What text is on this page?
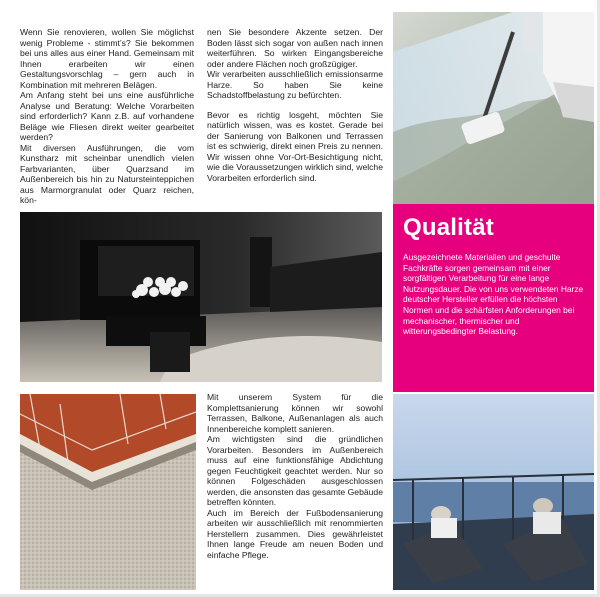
Wenn Sie renovieren, wollen Sie möglichst wenig Probleme - stimmt’s? Sie bekommen bei uns alles aus einer Hand. Gemeinsam mit Ihnen erarbeiten wir einen Gestaltungsvorschlag – gern auch in Kombination mit mehreren Belägen.

Am Anfang steht bei uns eine ausführliche Analyse und Beratung: Welche Vorarbeiten sind erforderlich? Kann z.B. auf vorhandene Beläge wie Fliesen direkt weiter gearbeitet werden?

Mit diversen Ausführungen, die vom Kunstharz mit scheinbar unendlich vielen Farbvarianten, über Quarzsand im Außenbereich bis hin zu Natursteinteppichen aus Marmorgranulat oder Quarz reichen, kön-

nen Sie besondere Akzente setzen. Der Boden lässt sich sogar von außen nach innen weiterführen. So wirken Eingangsbereiche oder andere Flächen noch großzügiger.

Wir verarbeiten ausschließlich emissionsarme Harze. So haben Sie keine Schadstoffbelastung zu befürchten.

Bevor es richtig losgeht, möchten Sie natürlich wissen, was es kostet. Gerade bei der Sanierung von Balkonen und Terrassen ist es schwierig, direkt einen Preis zu nennen. Wir wissen ohne Vor-Ort-Besichtigung nicht, wie die Voraussetzungen wirklich sind, welche Vorarbeiten erforderlich sind.

Qualität

Ausgezeichnete Materialien und geschulte Fachkräfte sorgen gemeinsam mit einer sorgfältigen Verarbeitung für eine lange Nutzungsdauer. Die von uns verwendeten Harze deutscher Hersteller erfüllen die höchsten Normen und die schärfsten Anforderungen bei mechanischer, thermischer und witterungsbedingter Belastung.

Mit unserem System für die Komplettsanierung können wir sowohl Terrassen, Balkone, Außenanlagen als auch Innenbereiche komplett sanieren.

Am wichtigsten sind die gründlichen Vorarbeiten. Besonders im Außenbereich muss auf eine funktionsfähige Abdichtung gegen Feuchtigkeit geachtet werden. Nur so können Folgeschäden ausgeschlossen werden, die ansonsten das gesamte Gebäude betreffen könnten.

Auch im Bereich der Fußbodensanierung arbeiten wir ausschließlich mit renommierten Herstellern zusammen. Dies gewährleistet Ihnen lange Freude am neuen Boden und einfache Pflege.
